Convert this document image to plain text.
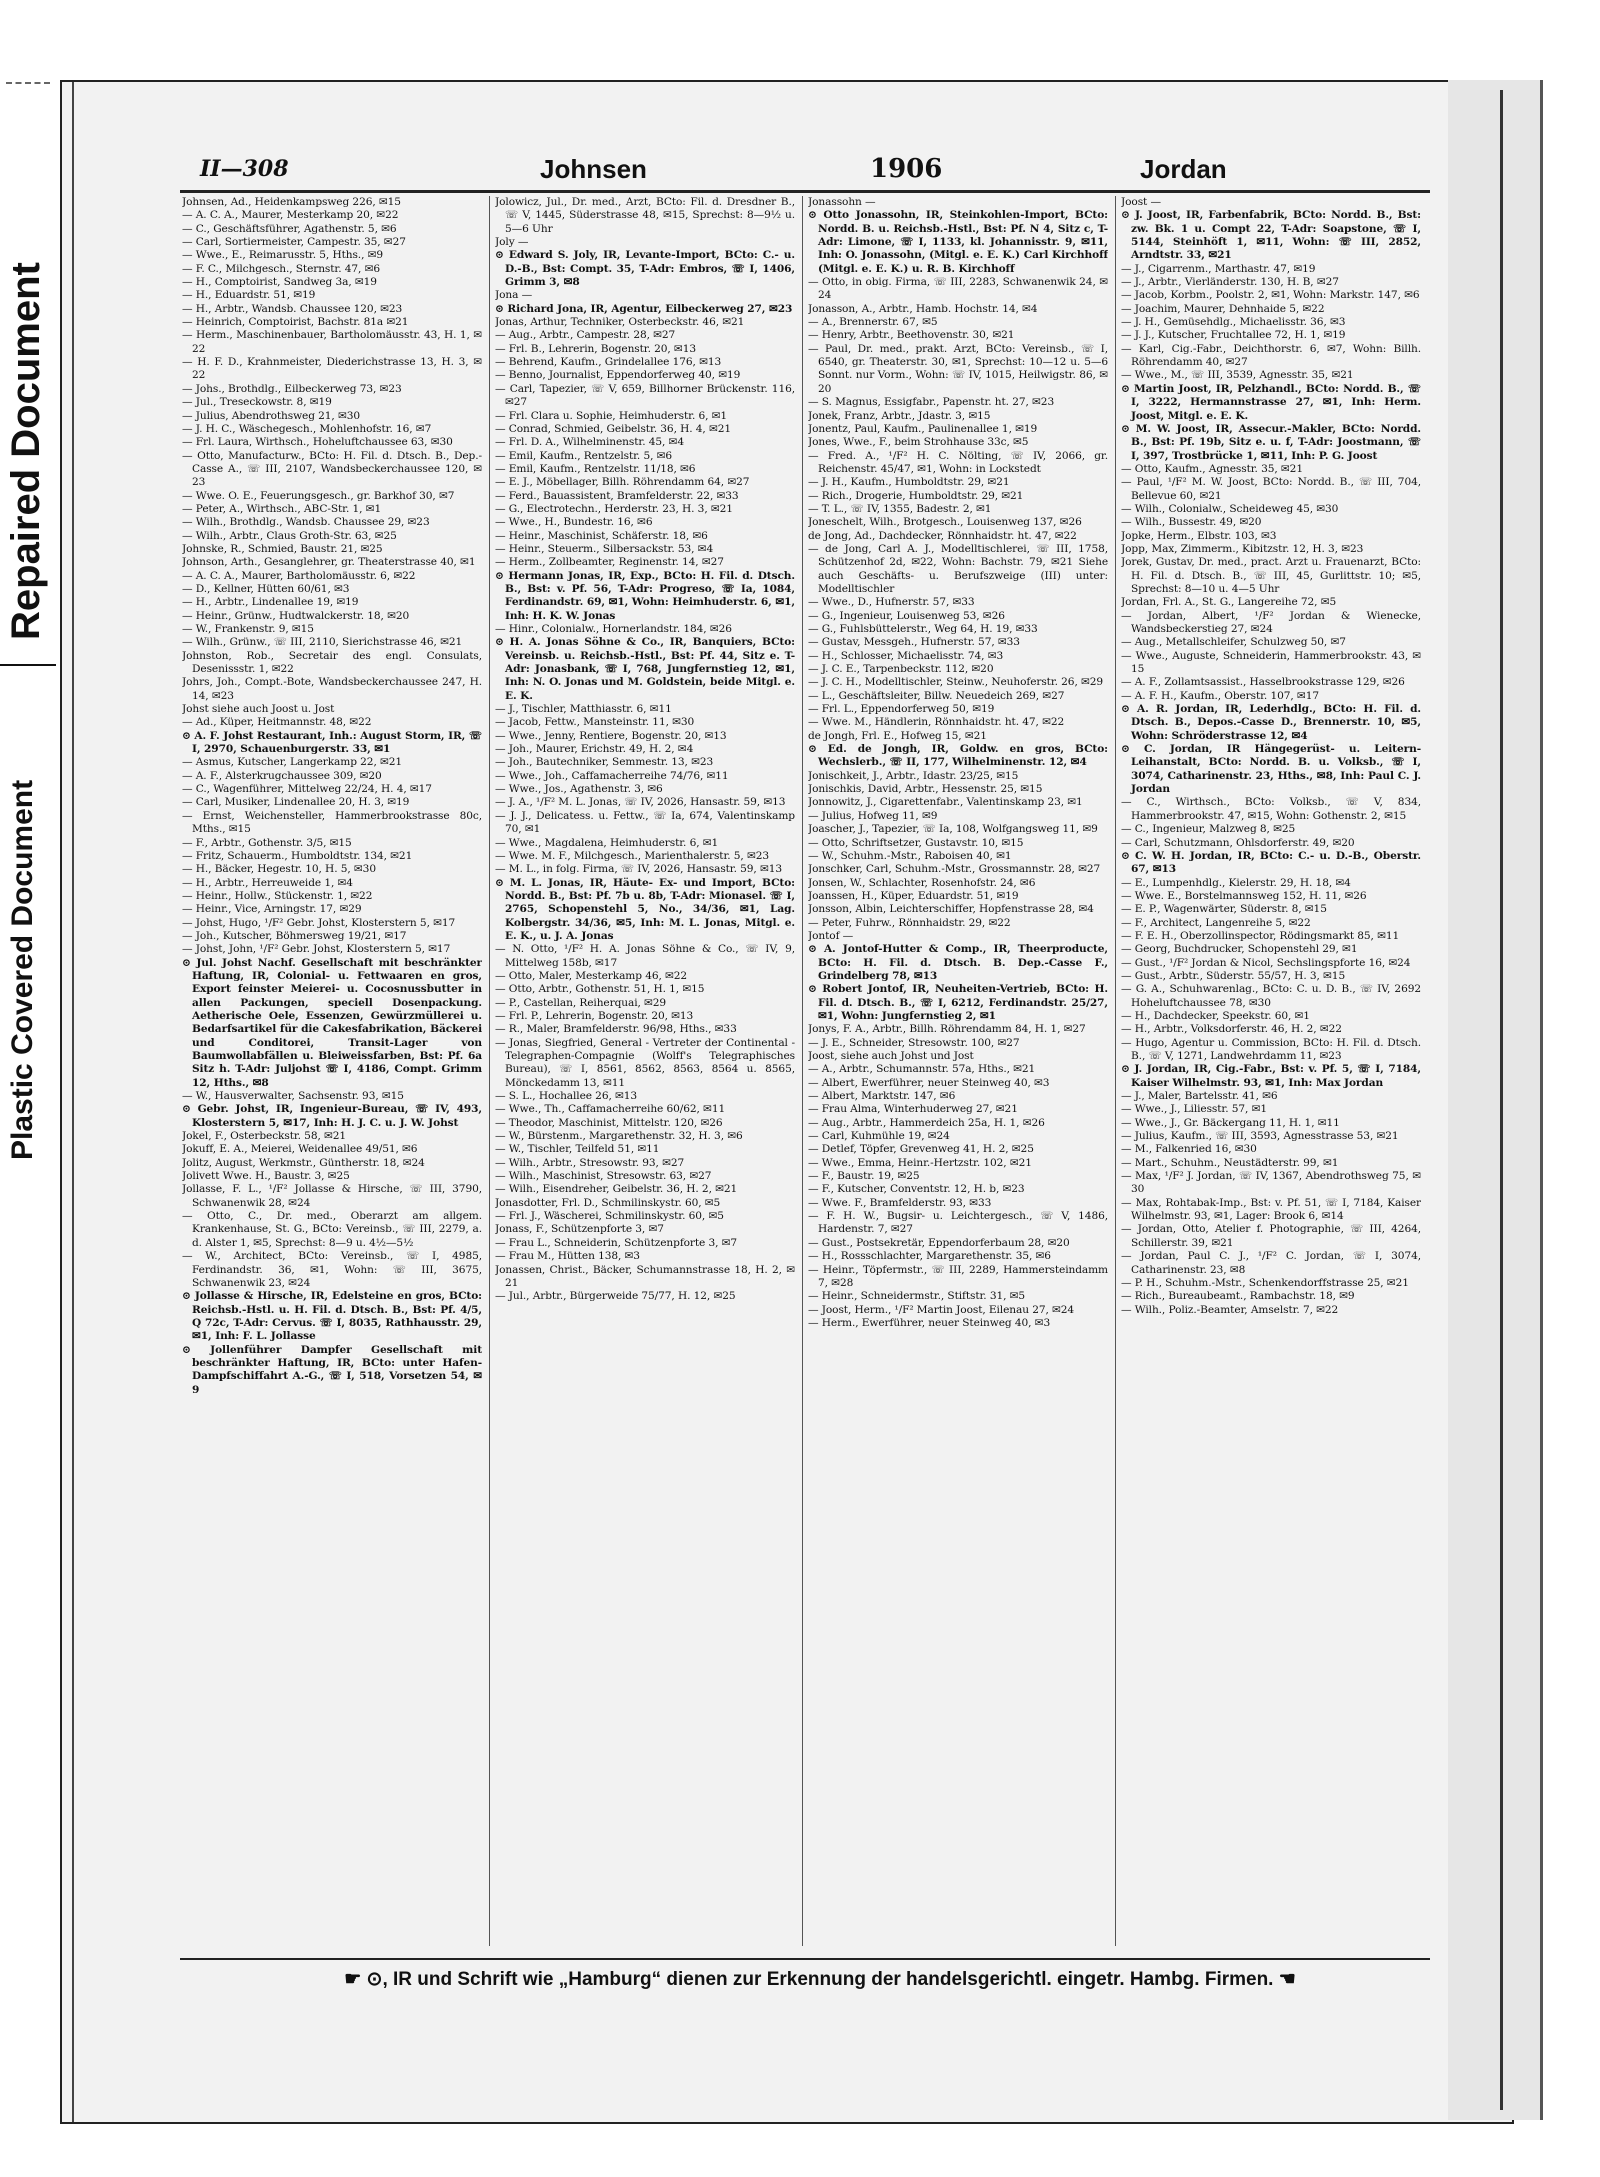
Repaired Document
Plastic Covered Document
II—308	Johnsen	1906	Jordan

Johnsen, Ad., Heidenkampsweg 226, ✉15

— A. C. A., Maurer, Mesterkamp 20, ✉22

— C., Geschäftsführer, Agathenstr. 5, ✉6

— Carl, Sortiermeister, Campestr. 35, ✉27

— Wwe., E., Reimarusstr. 5, Hths., ✉9

— F. C., Milchgesch., Sternstr. 47, ✉6

— H., Comptoirist, Sandweg 3a, ✉19

— H., Eduardstr. 51, ✉19

— H., Arbtr., Wandsb. Chaussee 120, ✉23

— Heinrich, Comptoirist, Bachstr. 81a ✉21

— Herm., Maschinenbauer, Bartholomäusstr. 43, H. 1, ✉22

— H. F. D., Krahnmeister, Diederichstrasse 13, H. 3, ✉22

— Johs., Brothdlg., Eilbeckerweg 73, ✉23

— Jul., Treseckowstr. 8, ✉19

— Julius, Abendrothsweg 21, ✉30

— J. H. C., Wäschegesch., Mohlenhofstr. 16, ✉7

— Frl. Laura, Wirthsch., Hoheluftchaussee 63, ✉30

— Otto, Manufacturw., BCto: H. Fil. d. Dtsch. B., Dep.-Casse A., ☏ III, 2107, Wandsbeckerchaussee 120, ✉23

— Wwe. O. E., Feuerungsgesch., gr. Barkhof 30, ✉7

— Peter, A., Wirthsch., ABC-Str. 1, ✉1

— Wilh., Brothdlg., Wandsb. Chaussee 29, ✉23

— Wilh., Arbtr., Claus Groth-Str. 63, ✉25

Johnske, R., Schmied, Baustr. 21, ✉25

Johnson, Arth., Gesanglehrer, gr. Theaterstrasse 40, ✉1

— A. C. A., Maurer, Bartholomäusstr. 6, ✉22

— D., Kellner, Hütten 60/61, ✉3

— H., Arbtr., Lindenallee 19, ✉19

— Heinr., Grünw., Hudtwalckerstr. 18, ✉20

— W., Frankenstr. 9, ✉15

— Wilh., Grünw., ☏ III, 2110, Sierichstrasse 46, ✉21

Johnston, Rob., Secretair des engl. Consulats, Desenissstr. 1, ✉22

Johrs, Joh., Compt.-Bote, Wandsbeckerchaussee 247, H. 14, ✉23

Johst siehe auch Joost u. Jost

— Ad., Küper, Heitmannstr. 48, ✉22

⊙ A. F. Johst Restaurant, Inh.: August Storm, IR, ☏ I, 2970, Schauenburgerstr. 33, ✉1

— Asmus, Kutscher, Langerkamp 22, ✉21

— A. F., Alsterkrugchaussee 309, ✉20

— C., Wagenführer, Mittelweg 22/24, H. 4, ✉17

— Carl, Musiker, Lindenallee 20, H. 3, ✉19

— Ernst, Weichensteller, Hammerbrookstrasse 80c, Mths., ✉15

— F., Arbtr., Gothenstr. 3/5, ✉15

— Fritz, Schauerm., Humboldtstr. 134, ✉21

— H., Bäcker, Hegestr. 10, H. 5, ✉30

— H., Arbtr., Herreuweide 1, ✉4

— Heinr., Hollw., Stückenstr. 1, ✉22

— Heinr., Vice, Arningstr. 17, ✉29

— Johst, Hugo, ¹/F² Gebr. Johst, Klosterstern 5, ✉17

— Joh., Kutscher, Böhmersweg 19/21, ✉17

— Johst, John, ¹/F² Gebr. Johst, Klosterstern 5, ✉17

⊙ Jul. Johst Nachf. Gesellschaft mit beschränkter Haftung, IR, Colonial- u. Fettwaaren en gros, Export feinster Meierei- u. Cocosnussbutter in allen Packungen, speciell Dosenpackung. Aetherische Oele, Essenzen, Gewürzmüllerei u. Bedarfsartikel für die Cakesfabrikation, Bäckerei und Conditorei, Transit-Lager von Baumwollabfällen u. Bleiweissfarben, Bst: Pf. 6a Sitz h. T-Adr: Juljohst ☏ I, 4186, Compt. Grimm 12, Hths., ✉8

— W., Hausverwalter, Sachsenstr. 93, ✉15

⊙ Gebr. Johst, IR, Ingenieur-Bureau, ☏ IV, 493, Klosterstern 5, ✉17, Inh: H. J. C. u. J. W. Johst

Jokel, F., Osterbeckstr. 58, ✉21

Jokuff, E. A., Meierei, Weidenallee 49/51, ✉6

Jolitz, August, Werkmstr., Güntherstr. 18, ✉24

Jolivett Wwe. H., Baustr. 3, ✉25

Jollasse, F. L., ¹/F² Jollasse & Hirsche, ☏ III, 3790, Schwanenwik 28, ✉24

— Otto, C., Dr. med., Oberarzt am allgem. Krankenhause, St. G., BCto: Vereinsb., ☏ III, 2279, a. d. Alster 1, ✉5, Sprechst: 8—9 u. 4½—5½

— W., Architect, BCto: Vereinsb., ☏ I, 4985, Ferdinandstr. 36, ✉1, Wohn: ☏ III, 3675, Schwanenwik 23, ✉24

⊙ Jollasse & Hirsche, IR, Edelsteine en gros, BCto: Reichsb.-Hstl. u. H. Fil. d. Dtsch. B., Bst: Pf. 4/5, Q 72c, T-Adr: Cervus. ☏ I, 8035, Rathhausstr. 29, ✉1, Inh: F. L. Jollasse

⊙ Jollenführer Dampfer Gesellschaft mit beschränkter Haftung, IR, BCto: unter Hafen-Dampfschiffahrt A.-G., ☏ I, 518, Vorsetzen 54, ✉9

Jolowicz, Jul., Dr. med., Arzt, BCto: Fil. d. Dresdner B., ☏ V, 1445, Süderstrasse 48, ✉15, Sprechst: 8—9½ u. 5—6 Uhr

Joly —

⊙ Edward S. Joly, IR, Levante-Import, BCto: C.- u. D.-B., Bst: Compt. 35, T-Adr: Embros, ☏ I, 1406, Grimm 3, ✉8

Jona —

⊙ Richard Jona, IR, Agentur, Eilbeckerweg 27, ✉23

Jonas, Arthur, Techniker, Osterbeckstr. 46, ✉21

— Aug., Arbtr., Campestr. 28, ✉27

— Frl. B., Lehrerin, Bogenstr. 20, ✉13

— Behrend, Kaufm., Grindelallee 176, ✉13

— Benno, Journalist, Eppendorferweg 40, ✉19

— Carl, Tapezier, ☏ V, 659, Billhorner Brückenstr. 116, ✉27

— Frl. Clara u. Sophie, Heimhuderstr. 6, ✉1

— Conrad, Schmied, Geibelstr. 36, H. 4, ✉21

— Frl. D. A., Wilhelminenstr. 45, ✉4

— Emil, Kaufm., Rentzelstr. 5, ✉6

— Emil, Kaufm., Rentzelstr. 11/18, ✉6

— E. J., Möbellager, Billh. Röhrendamm 64, ✉27

— Ferd., Bauassistent, Bramfelderstr. 22, ✉33

— G., Electrotechn., Herderstr. 23, H. 3, ✉21

— Wwe., H., Bundestr. 16, ✉6

— Heinr., Maschinist, Schäferstr. 18, ✉6

— Heinr., Steuerm., Silbersackstr. 53, ✉4

— Herm., Zollbeamter, Reginenstr. 14, ✉27

⊙ Hermann Jonas, IR, Exp., BCto: H. Fil. d. Dtsch. B., Bst: v. Pf. 56, T-Adr: Progreso, ☏ Ia, 1084, Ferdinandstr. 69, ✉1, Wohn: Heimhuderstr. 6, ✉1, Inh: H. K. W. Jonas

— Hinr., Colonialw., Hornerlandstr. 184, ✉26

⊙ H. A. Jonas Söhne & Co., IR, Banquiers, BCto: Vereinsb. u. Reichsb.-Hstl., Bst: Pf. 44, Sitz e. T-Adr: Jonasbank, ☏ I, 768, Jungfernstieg 12, ✉1, Inh: N. O. Jonas und M. Goldstein, beide Mitgl. e. E. K.

— J., Tischler, Matthiasstr. 6, ✉11

— Jacob, Fettw., Mansteinstr. 11, ✉30

— Wwe., Jenny, Rentiere, Bogenstr. 20, ✉13

— Joh., Maurer, Erichstr. 49, H. 2, ✉4

— Joh., Bautechniker, Semmestr. 13, ✉23

— Wwe., Joh., Caffamacherreihe 74/76, ✉11

— Wwe., Jos., Agathenstr. 3, ✉6

— J. A., ¹/F² M. L. Jonas, ☏ IV, 2026, Hansastr. 59, ✉13

— J. J., Delicatess. u. Fettw., ☏ Ia, 674, Valentinskamp 70, ✉1

— Wwe., Magdalena, Heimhuderstr. 6, ✉1

— Wwe. M. F., Milchgesch., Marienthalerstr. 5, ✉23

— M. L., in folg. Firma, ☏ IV, 2026, Hansastr. 59, ✉13

⊙ M. L. Jonas, IR, Häute- Ex- und Import, BCto: Nordd. B., Bst: Pf. 7b u. 8b, T-Adr: Mionasel. ☏ I, 2765, Schopenstehl 5, No., 34/36, ✉1, Lag. Kolbergstr. 34/36, ✉5, Inh: M. L. Jonas, Mitgl. e. E. K., u. J. A. Jonas

— N. Otto, ¹/F² H. A. Jonas Söhne & Co., ☏ IV, 9, Mittelweg 158b, ✉17

— Otto, Maler, Mesterkamp 46, ✉22

— Otto, Arbtr., Gothenstr. 51, H. 1, ✉15

— P., Castellan, Reiherquai, ✉29

— Frl. P., Lehrerin, Bogenstr. 20, ✉13

— R., Maler, Bramfelderstr. 96/98, Hths., ✉33

— Jonas, Siegfried, General - Vertreter der Continental - Telegraphen-Compagnie (Wolff's Telegraphisches Bureau), ☏ I, 8561, 8562, 8563, 8564 u. 8565, Mönckedamm 13, ✉11

— S. L., Hochallee 26, ✉13

— Wwe., Th., Caffamacherreihe 60/62, ✉11

— Theodor, Maschinist, Mittelstr. 120, ✉26

— W., Bürstenm., Margarethenstr. 32, H. 3, ✉6

— W., Tischler, Teilfeld 51, ✉11

— Wilh., Arbtr., Stresowstr. 93, ✉27

— Wilh., Maschinist, Stresowstr. 63, ✉27

— Wilh., Eisendreher, Geibelstr. 36, H. 2, ✉21

Jonasdotter, Frl. D., Schmilinskystr. 60, ✉5

— Frl. J., Wäscherei, Schmilinskystr. 60, ✉5

Jonass, F., Schützenpforte 3, ✉7

— Frau L., Schneiderin, Schützenpforte 3, ✉7

— Frau M., Hütten 138, ✉3

Jonassen, Christ., Bäcker, Schumannstrasse 18, H. 2, ✉21

— Jul., Arbtr., Bürgerweide 75/77, H. 12, ✉25

Jonassohn —

⊙ Otto Jonassohn, IR, Steinkohlen-Import, BCto: Nordd. B. u. Reichsb.-Hstl., Bst: Pf. N 4, Sitz c, T-Adr: Limone, ☏ I, 1133, kl. Johannisstr. 9, ✉11, Inh: O. Jonassohn, (Mitgl. e. E. K.) Carl Kirchhoff (Mitgl. e. E. K.) u. R. B. Kirchhoff

— Otto, in obig. Firma, ☏ III, 2283, Schwanenwik 24, ✉24

Jonasson, A., Arbtr., Hamb. Hochstr. 14, ✉4

— A., Brennerstr. 67, ✉5

— Henry, Arbtr., Beethovenstr. 30, ✉21

— Paul, Dr. med., prakt. Arzt, BCto: Vereinsb., ☏ I, 6540, gr. Theaterstr. 30, ✉1, Sprechst: 10—12 u. 5—6 Sonnt. nur Vorm., Wohn: ☏ IV, 1015, Heilwigstr. 86, ✉20

— S. Magnus, Essigfabr., Papenstr. ht. 27, ✉23

Jonek, Franz, Arbtr., Jdastr. 3, ✉15

Jonentz, Paul, Kaufm., Paulinenallee 1, ✉19

Jones, Wwe., F., beim Strohhause 33c, ✉5

— Fred. A., ¹/F² H. C. Nölting, ☏ IV, 2066, gr. Reichenstr. 45/47, ✉1, Wohn: in Lockstedt

— J. H., Kaufm., Humboldtstr. 29, ✉21

— Rich., Drogerie, Humboldtstr. 29, ✉21

— T. L., ☏ IV, 1355, Badestr. 2, ✉1

Joneschelt, Wilh., Brotgesch., Louisenweg 137, ✉26

de Jong, Ad., Dachdecker, Rönnhaidstr. ht. 47, ✉22

— de Jong, Carl A. J., Modelltischlerei, ☏ III, 1758, Schützenhof 2d, ✉22, Wohn: Bachstr. 79, ✉21 Siehe auch Geschäfts- u. Berufszweige (III) unter: Modelltischler

— Wwe., D., Hufnerstr. 57, ✉33

— G., Ingenieur, Louisenweg 53, ✉26

— G., Fuhlsbüttelerstr., Weg 64, H. 19, ✉33

— Gustav, Messgeh., Hufnerstr. 57, ✉33

— H., Schlosser, Michaelisstr. 74, ✉3

— J. C. E., Tarpenbeckstr. 112, ✉20

— J. C. H., Modelltischler, Steinw., Neuhoferstr. 26, ✉29

— L., Geschäftsleiter, Billw. Neuedeich 269, ✉27

— Frl. L., Eppendorferweg 50, ✉19

— Wwe. M., Händlerin, Rönnhaidstr. ht. 47, ✉22

de Jongh, Frl. E., Hofweg 15, ✉21

⊙ Ed. de Jongh, IR, Goldw. en gros, BCto: Wechslerb., ☏ II, 177, Wilhelminenstr. 12, ✉4

Jonischkeit, J., Arbtr., Idastr. 23/25, ✉15

Jonischkis, David, Arbtr., Hessenstr. 25, ✉15

Jonnowitz, J., Cigarettenfabr., Valentinskamp 23, ✉1

— Julius, Hofweg 11, ✉9

Joascher, J., Tapezier, ☏ Ia, 108, Wolfgangsweg 11, ✉9

— Otto, Schriftsetzer, Gustavstr. 10, ✉15

— W., Schuhm.-Mstr., Raboisen 40, ✉1

Jonschker, Carl, Schuhm.-Mstr., Grossmannstr. 28, ✉27

Jonsen, W., Schlachter, Rosenhofstr. 24, ✉6

Joanssen, H., Küper, Eduardstr. 51, ✉19

Jonsson, Albin, Leichterschiffer, Hopfenstrasse 28, ✉4

— Peter, Fuhrw., Rönnhaidstr. 29, ✉22

Jontof —

⊙ A. Jontof-Hutter & Comp., IR, Theerproducte, BCto: H. Fil. d. Dtsch. B. Dep.-Casse F., Grindelberg 78, ✉13

⊙ Robert Jontof, IR, Neuheiten-Vertrieb, BCto: H. Fil. d. Dtsch. B., ☏ I, 6212, Ferdinandstr. 25/27, ✉1, Wohn: Jungfernstieg 2, ✉1

Jonys, F. A., Arbtr., Billh. Röhrendamm 84, H. 1, ✉27

— J. E., Schneider, Stresowstr. 100, ✉27

Joost, siehe auch Johst und Jost

— A., Arbtr., Schumannstr. 57a, Hths., ✉21

— Albert, Ewerführer, neuer Steinweg 40, ✉3

— Albert, Marktstr. 147, ✉6

— Frau Alma, Winterhuderweg 27, ✉21

— Aug., Arbtr., Hammerdeich 25a, H. 1, ✉26

— Carl, Kuhmühle 19, ✉24

— Detlef, Töpfer, Grevenweg 41, H. 2, ✉25

— Wwe., Emma, Heinr.-Hertzstr. 102, ✉21

— F., Baustr. 19, ✉25

— F., Kutscher, Conventstr. 12, H. b, ✉23

— Wwe. F., Bramfelderstr. 93, ✉33

— F. H. W., Bugsir- u. Leichtergesch., ☏ V, 1486, Hardenstr. 7, ✉27

— Gust., Postsekretär, Eppendorferbaum 28, ✉20

— H., Rossschlachter, Margarethenstr. 35, ✉6

— Heinr., Töpfermstr., ☏ III, 2289, Hammersteindamm 7, ✉28

— Heinr., Schneidermstr., Stiftstr. 31, ✉5

— Joost, Herm., ¹/F² Martin Joost, Eilenau 27, ✉24

— Herm., Ewerführer, neuer Steinweg 40, ✉3

Joost —

⊙ J. Joost, IR, Farbenfabrik, BCto: Nordd. B., Bst: zw. Bk. 1 u. Compt 22, T-Adr: Soapstone, ☏ I, 5144, Steinhöft 1, ✉11, Wohn: ☏ III, 2852, Arndtstr. 33, ✉21

— J., Cigarrenm., Marthastr. 47, ✉19

— J., Arbtr., Vierländerstr. 130, H. B, ✉27

— Jacob, Korbm., Poolstr. 2, ✉1, Wohn: Markstr. 147, ✉6

— Joachim, Maurer, Dehnhaide 5, ✉22

— J. H., Gemüsehdlg., Michaelisstr. 36, ✉3

— J. J., Kutscher, Fruchtallee 72, H. 1, ✉19

— Karl, Cig.-Fabr., Deichthorstr. 6, ✉7, Wohn: Billh. Röhrendamm 40, ✉27

— Wwe., M., ☏ III, 3539, Agnesstr. 35, ✉21

⊙ Martin Joost, IR, Pelzhandl., BCto: Nordd. B., ☏ I, 3222, Hermannstrasse 27, ✉1, Inh: Herm. Joost, Mitgl. e. E. K.

⊙ M. W. Joost, IR, Assecur.-Makler, BCto: Nordd. B., Bst: Pf. 19b, Sitz e. u. f, T-Adr: Joostmann, ☏ I, 397, Trostbrücke 1, ✉11, Inh: P. G. Joost

— Otto, Kaufm., Agnesstr. 35, ✉21

— Paul, ¹/F² M. W. Joost, BCto: Nordd. B., ☏ III, 704, Bellevue 60, ✉21

— Wilh., Colonialw., Scheideweg 45, ✉30

— Wilh., Bussestr. 49, ✉20

Jopke, Herm., Elbstr. 103, ✉3

Jopp, Max, Zimmerm., Kibitzstr. 12, H. 3, ✉23

Jorek, Gustav, Dr. med., pract. Arzt u. Frauenarzt, BCto: H. Fil. d. Dtsch. B., ☏ III, 45, Gurlittstr. 10; ✉5, Sprechst: 8—10 u. 4—5 Uhr

Jordan, Frl. A., St. G., Langereihe 72, ✉5

— Jordan, Albert, ¹/F² Jordan & Wienecke, Wandsbeckerstieg 27, ✉24

— Aug., Metallschleifer, Schulzweg 50, ✉7

— Wwe., Auguste, Schneiderin, Hammerbrookstr. 43, ✉15

— A. F., Zollamtsassist., Hasselbrookstrasse 129, ✉26

— A. F. H., Kaufm., Oberstr. 107, ✉17

⊙ A. R. Jordan, IR, Lederhdlg., BCto: H. Fil. d. Dtsch. B., Depos.-Casse D., Brennerstr. 10, ✉5, Wohn: Schröderstrasse 12, ✉4

⊙ C. Jordan, IR Hängegerüst- u. Leitern-Leihanstalt, BCto: Nordd. B. u. Volksb., ☏ I, 3074, Catharinenstr. 23, Hths., ✉8, Inh: Paul C. J. Jordan

— C., Wirthsch., BCto: Volksb., ☏ V, 834, Hammerbrookstr. 47, ✉15, Wohn: Gothenstr. 2, ✉15

— C., Ingenieur, Malzweg 8, ✉25

— Carl, Schutzmann, Ohlsdorferstr. 49, ✉20

⊙ C. W. H. Jordan, IR, BCto: C.- u. D.-B., Oberstr. 67, ✉13

— E., Lumpenhdlg., Kielerstr. 29, H. 18, ✉4

— Wwe. E., Borstelmannsweg 152, H. 11, ✉26

— E. P., Wagenwärter, Süderstr. 8, ✉15

— F., Architect, Langenreihe 5, ✉22

— F. E. H., Oberzollinspector, Rödingsmarkt 85, ✉11

— Georg, Buchdrucker, Schopenstehl 29, ✉1

— Gust., ¹/F² Jordan & Nicol, Sechslingspforte 16, ✉24

— Gust., Arbtr., Süderstr. 55/57, H. 3, ✉15

— G. A., Schuhwarenlag., BCto: C. u. D. B., ☏ IV, 2692 Hoheluftchaussee 78, ✉30

— H., Dachdecker, Speekstr. 60, ✉1

— H., Arbtr., Volksdorferstr. 46, H. 2, ✉22

— Hugo, Agentur u. Commission, BCto: H. Fil. d. Dtsch. B., ☏ V, 1271, Landwehrdamm 11, ✉23

⊙ J. Jordan, IR, Cig.-Fabr., Bst: v. Pf. 5, ☏ I, 7184, Kaiser Wilhelmstr. 93, ✉1, Inh: Max Jordan

— J., Maler, Bartelsstr. 41, ✉6

— Wwe., J., Liliesstr. 57, ✉1

— Wwe., J., Gr. Bäckergang 11, H. 1, ✉11

— Julius, Kaufm., ☏ III, 3593, Agnesstrasse 53, ✉21

— M., Falkenried 16, ✉30

— Mart., Schuhm., Neustädterstr. 99, ✉1

— Max, ¹/F² J. Jordan, ☏ IV, 1367, Abendrothsweg 75, ✉30

— Max, Rohtabak-Imp., Bst: v. Pf. 51, ☏ I, 7184, Kaiser Wilhelmstr. 93, ✉1, Lager: Brook 6, ✉14

— Jordan, Otto, Atelier f. Photographie, ☏ III, 4264, Schillerstr. 39, ✉21

— Jordan, Paul C. J., ¹/F² C. Jordan, ☏ I, 3074, Catharinenstr. 23, ✉8

— P. H., Schuhm.-Mstr., Schenkendorffstrasse 25, ✉21

— Rich., Bureaubeamt., Rambachstr. 18, ✉9

— Wilh., Poliz.-Beamter, Amselstr. 7, ✉22

☛ ⊙, IR und Schrift wie „Hamburg“ dienen zur Erkennung der handelsgerichtl. eingetr. Hambg. Firmen. ☚
